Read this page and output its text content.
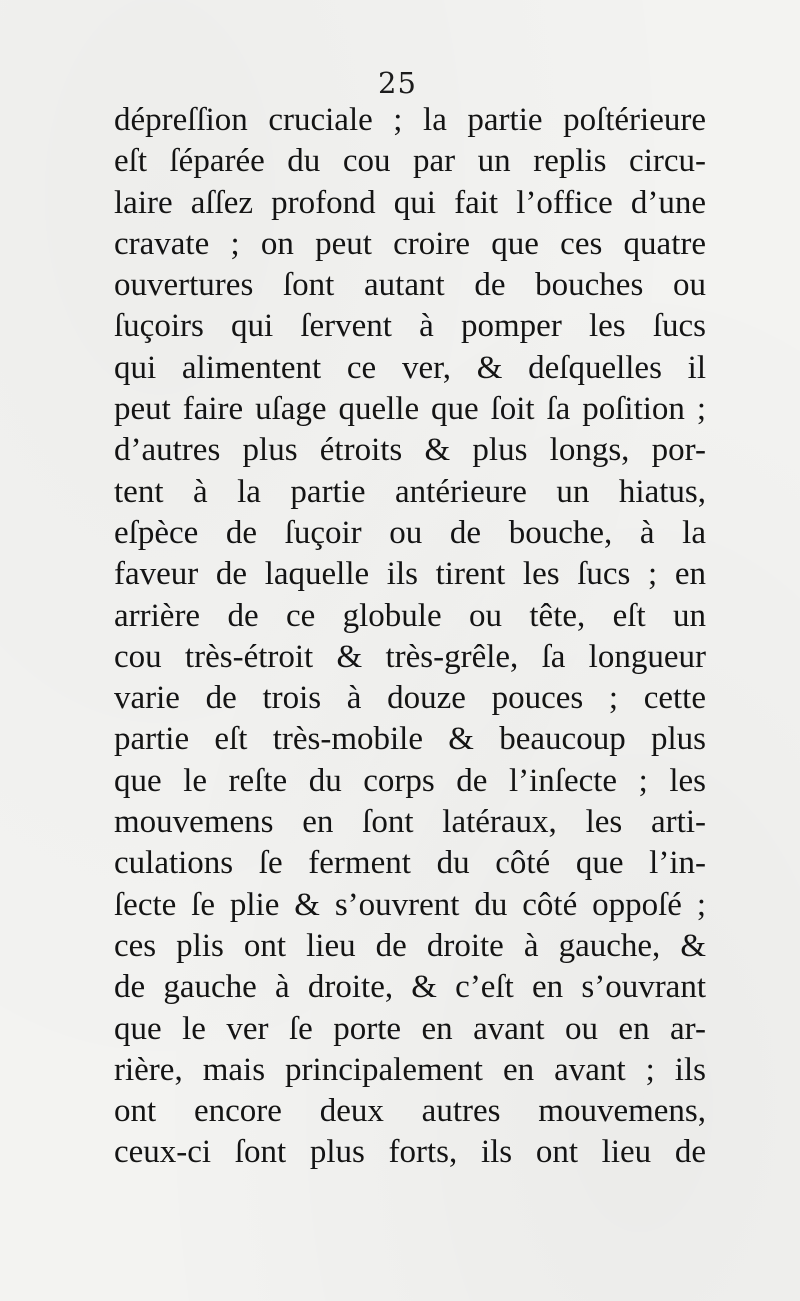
25
dépreſſion cruciale ; la partie poſtérieure
eſt ſéparée du cou par un replis circu-
laire aſſez profond qui fait l’office d’une
cravate ; on peut croire que ces quatre
ouvertures ſont autant de bouches ou
ſuçoirs qui ſervent à pomper les ſucs
qui alimentent ce ver, & deſquelles il
peut faire uſage quelle que ſoit ſa poſition ;
d’autres plus étroits & plus longs, por-
tent à la partie antérieure un hiatus,
eſpèce de ſuçoir ou de bouche, à la
faveur de laquelle ils tirent les ſucs ; en
arrière de ce globule ou tête, eſt un
cou très-étroit & très-grêle, ſa longueur
varie de trois à douze pouces ; cette
partie eſt très-mobile & beaucoup plus
que le reſte du corps de l’inſecte ; les
mouvemens en ſont latéraux, les arti-
culations ſe ferment du côté que l’in-
ſecte ſe plie & s’ouvrent du côté oppoſé ;
ces plis ont lieu de droite à gauche, &
de gauche à droite, & c’eſt en s’ouvrant
que le ver ſe porte en avant ou en ar-
rière, mais principalement en avant ; ils
ont encore deux autres mouvemens,
ceux-ci ſont plus forts, ils ont lieu de
